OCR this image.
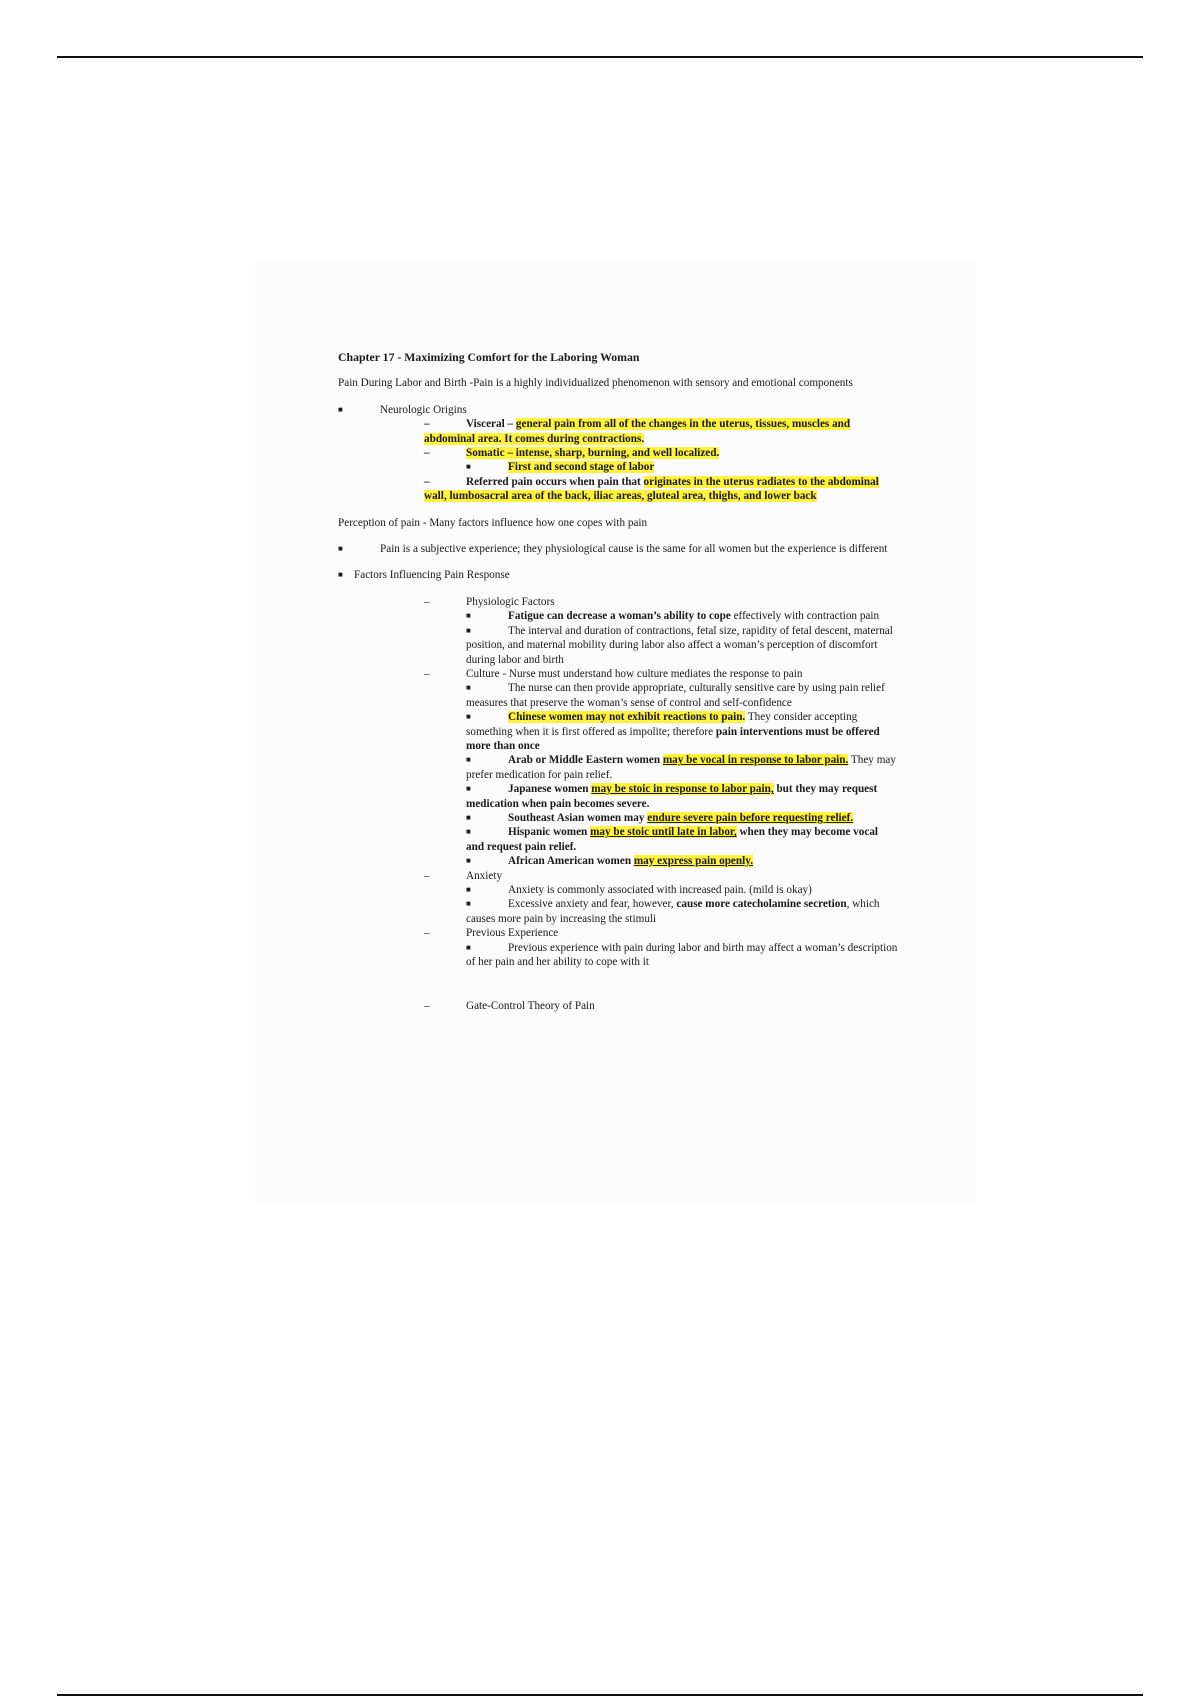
Chapter 17 - Maximizing Comfort for the Laboring Woman
Pain During Labor and Birth -Pain is a highly individualized phenomenon with sensory and emotional components
■	Neurologic Origins
–	Visceral – general pain from all of the changes in the uterus, tissues, muscles and abdominal area. It comes during contractions.
–	Somatic – intense, sharp, burning, and well localized.
■	First and second stage of labor
–	Referred pain occurs when pain that originates in the uterus radiates to the abdominal wall, lumbosacral area of the back, iliac areas, gluteal area, thighs, and lower back
Perception of pain - Many factors influence how one copes with pain
■	Pain is a subjective experience; they physiological cause is the same for all women but the experience is different
■ Factors Influencing Pain Response
–	Physiologic Factors
■	Fatigue can decrease a woman’s ability to cope effectively with contraction pain
■	The interval and duration of contractions, fetal size, rapidity of fetal descent, maternal position, and maternal mobility during labor also affect a woman’s perception of discomfort during labor and birth
–	Culture - Nurse must understand how culture mediates the response to pain
■	The nurse can then provide appropriate, culturally sensitive care by using pain relief measures that preserve the woman’s sense of control and self-confidence
■	Chinese women may not exhibit reactions to pain. They consider accepting something when it is first offered as impolite; therefore pain interventions must be offered more than once
■	Arab or Middle Eastern women may be vocal in response to labor pain. They may prefer medication for pain relief.
■	Japanese women may be stoic in response to labor pain, but they may request medication when pain becomes severe.
■	Southeast Asian women may endure severe pain before requesting relief.
■	Hispanic women may be stoic until late in labor, when they may become vocal and request pain relief.
■	African American women may express pain openly.
–	Anxiety
■	Anxiety is commonly associated with increased pain. (mild is okay)
■	Excessive anxiety and fear, however, cause more catecholamine secretion, which causes more pain by increasing the stimuli
–	Previous Experience
■	Previous experience with pain during labor and birth may affect a woman’s description of her pain and her ability to cope with it
–	Gate-Control Theory of Pain
